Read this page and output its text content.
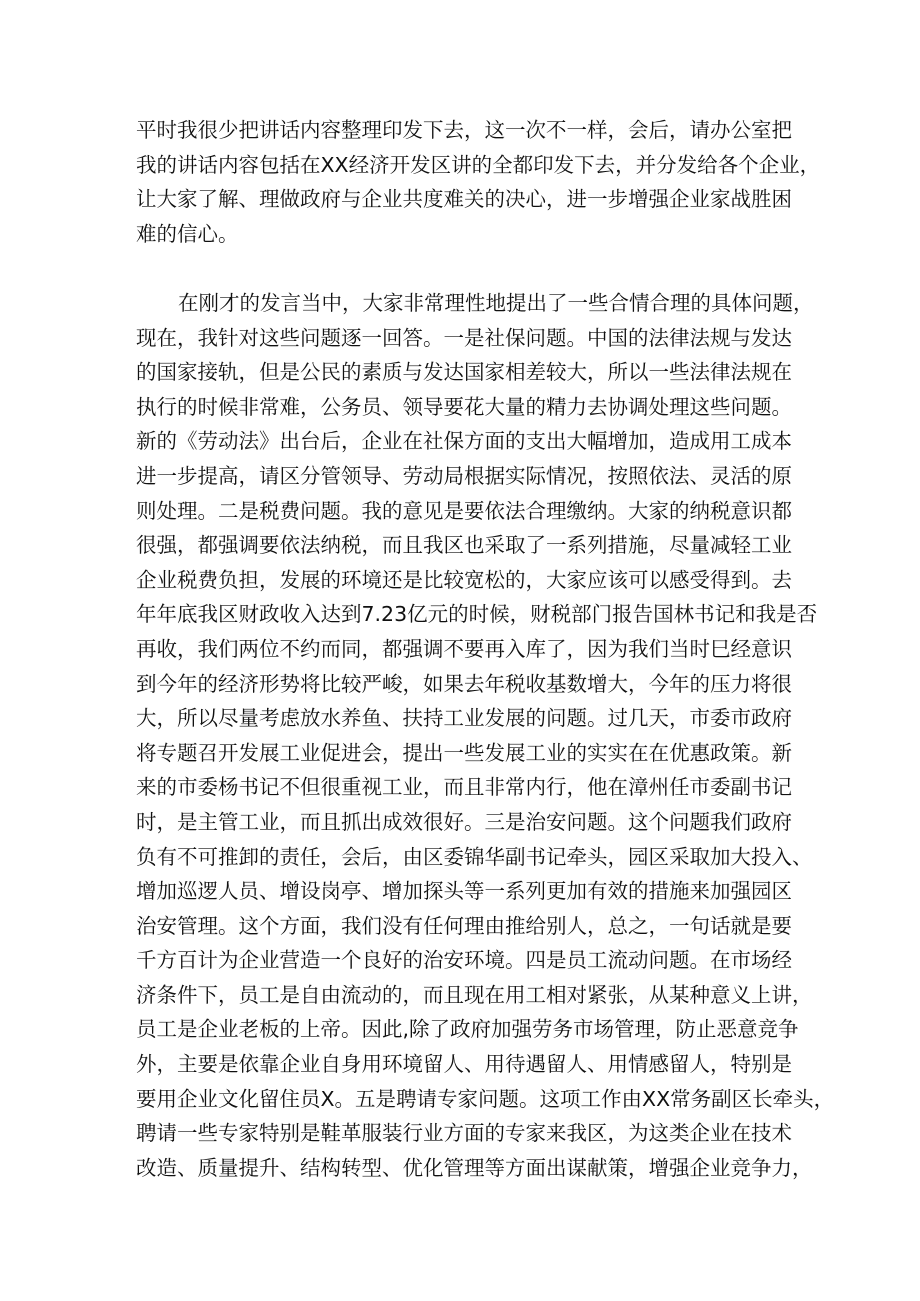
平时我很少把讲话内容整理印发下去，这一次不一样，会后，请办公室把
我的讲话内容包括在XX经济开发区讲的全都印发下去，并分发给各个企业，
让大家了解、理做政府与企业共度难关的决心，进一步增强企业家战胜困
难的信心。
在刚才的发言当中，大家非常理性地提出了一些合情合理的具体问题，
现在，我针对这些问题逐一回答。一是社保问题。中国的法律法规与发达
的国家接轨，但是公民的素质与发达国家相差较大，所以一些法律法规在
执行的时候非常难，公务员、领导要花大量的精力去协调处理这些问题。
新的《劳动法》出台后，企业在社保方面的支出大幅增加，造成用工成本
进一步提高，请区分管领导、劳动局根据实际情况，按照依法、灵活的原
则处理。二是税费问题。我的意见是要依法合理缴纳。大家的纳税意识都
很强，都强调要依法纳税，而且我区也采取了一系列措施，尽量减轻工业
企业税费负担，发展的环境还是比较宽松的，大家应该可以感受得到。去
年年底我区财政收入达到7.23亿元的时候，财税部门报告国林书记和我是否
再收，我们两位不约而同，都强调不要再入库了，因为我们当时巳经意识
到今年的经济形势将比较严峻，如果去年税收基数增大，今年的压力将很
大，所以尽量考虑放水养鱼、扶持工业发展的问题。过几天，市委市政府
将专题召开发展工业促进会，提出一些发展工业的实实在在优惠政策。新
来的市委杨书记不但很重视工业，而且非常内行，他在漳州任市委副书记
时，是主管工业，而且抓出成效很好。三是治安问题。这个问题我们政府
负有不可推卸的责任，会后，由区委锦华副书记牵头，园区采取加大投入、
增加巡逻人员、增设岗亭、增加探头等一系列更加有效的措施来加强园区
治安管理。这个方面，我们没有任何理由推给别人，总之，一句话就是要
千方百计为企业营造一个良好的治安环境。四是员工流动问题。在市场经
济条件下，员工是自由流动的，而且现在用工相对紧张，从某种意义上讲，
员工是企业老板的上帝。因此,除了政府加强劳务市场管理，防止恶意竞争
外，主要是依靠企业自身用环境留人、用待遇留人、用情感留人，特别是
要用企业文化留住员X。五是聘请专家问题。这项工作由XX常务副区长牵头，
聘请一些专家特别是鞋革服装行业方面的专家来我区，为这类企业在技术
改造、质量提升、结构转型、优化管理等方面出谋献策，增强企业竞争力，
